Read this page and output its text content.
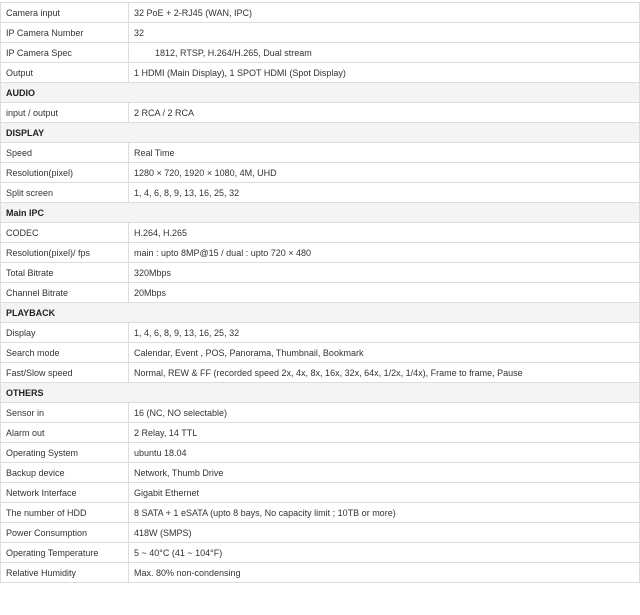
Camera input	32 PoE + 2-RJ45 (WAN, IPC)
IP Camera Number	32
IP Camera Spec	1812, RTSP, H.264/H.265, Dual stream
Output	1 HDMI (Main Display), 1 SPOT HDMI (Spot Display)
AUDIO	
input / output	2 RCA / 2 RCA
DISPLAY	
Speed	Real Time
Resolution(pixel)	1280 × 720, 1920 × 1080, 4M, UHD
Split screen	1, 4, 6, 8, 9, 13, 16, 25, 32
Main IPC	
CODEC	H.264, H.265
Resolution(pixel)/ fps	main : upto 8MP@15 / dual : upto 720 × 480
Total Bitrate	320Mbps
Channel Bitrate	20Mbps
PLAYBACK	
Display	1, 4, 6, 8, 9, 13, 16, 25, 32
Search mode	Calendar, Event , POS, Panorama, Thumbnail, Bookmark
Fast/Slow speed	Normal, REW & FF (recorded speed 2x, 4x, 8x, 16x, 32x, 64x, 1/2x, 1/4x), Frame to frame, Pause
OTHERS	
Sensor in	16 (NC, NO selectable)
Alarm out	2 Relay, 14 TTL
Operating System	ubuntu 18.04
Backup device	Network, Thumb Drive
Network Interface	Gigabit Ethernet
The number of HDD	8 SATA + 1 eSATA (upto 8 bays, No capacity limit ; 10TB or more)
Power Consumption	418W (SMPS)
Operating Temperature	5 ~ 40°C (41 ~ 104°F)
Relative Humidity	Max. 80% non-condensing
